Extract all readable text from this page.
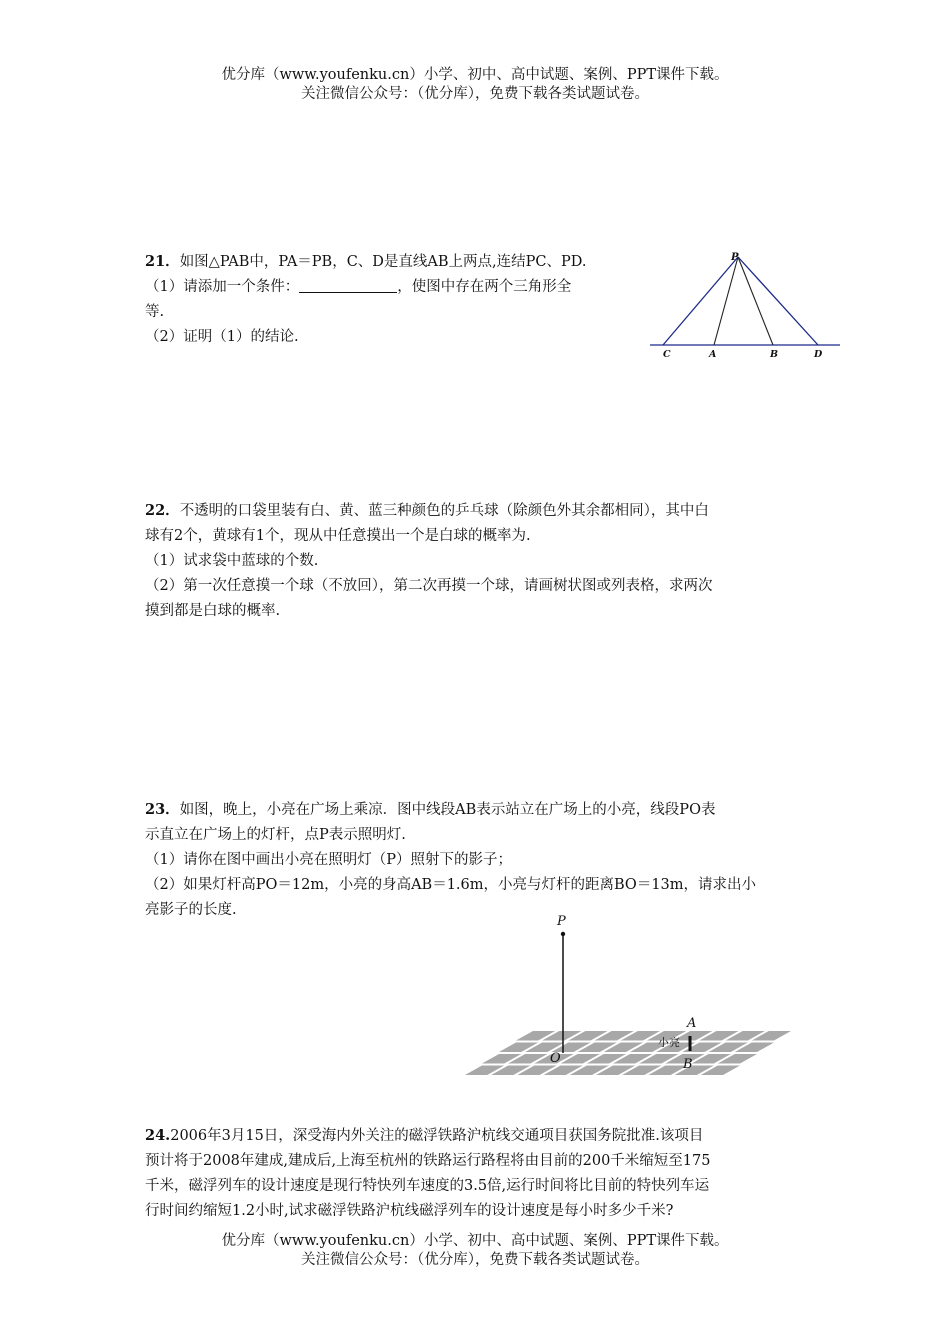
优分库（www.youfenku.cn）小学、初中、高中试题、案例、PPT课件下载。
关注微信公众号：（优分库），免费下载各类试题试卷。

21．如图△PAB中，PA＝PB，C、D是直线AB上两点,连结PC、PD.

（1）请添加一个条件：	，使图中存在两个三角形全

等.

（2）证明（1）的结论.

P
C	A	B	D

22．不透明的口袋里装有白、黄、蓝三种颜色的乒乓球（除颜色外其余都相同），其中白

球有2个，黄球有1个，现从中任意摸出一个是白球的概率为.

（1）试求袋中蓝球的个数.

（2）第一次任意摸一个球（不放回），第二次再摸一个球，请画树状图或列表格，求两次

摸到都是白球的概率.

23．如图，晚上，小亮在广场上乘凉．图中线段AB表示站立在广场上的小亮，线段PO表

示直立在广场上的灯杆，点P表示照明灯.

（1）请你在图中画出小亮在照明灯（P）照射下的影子；

（2）如果灯杆高PO＝12m，小亮的身高AB＝1.6m，小亮与灯杆的距离BO＝13m，请求出小

亮影子的长度.

P
O
A
B
小亮

24.2006年3月15日，深受海内外关注的磁浮铁路沪杭线交通项目获国务院批准.该项目

预计将于2008年建成,建成后,上海至杭州的铁路运行路程将由目前的200千米缩短至175

千米，磁浮列车的设计速度是现行特快列车速度的3.5倍,运行时间将比目前的特快列车运

行时间约缩短1.2小时,试求磁浮铁路沪杭线磁浮列车的设计速度是每小时多少千米?

优分库（www.youfenku.cn）小学、初中、高中试题、案例、PPT课件下载。
关注微信公众号：（优分库），免费下载各类试题试卷。
